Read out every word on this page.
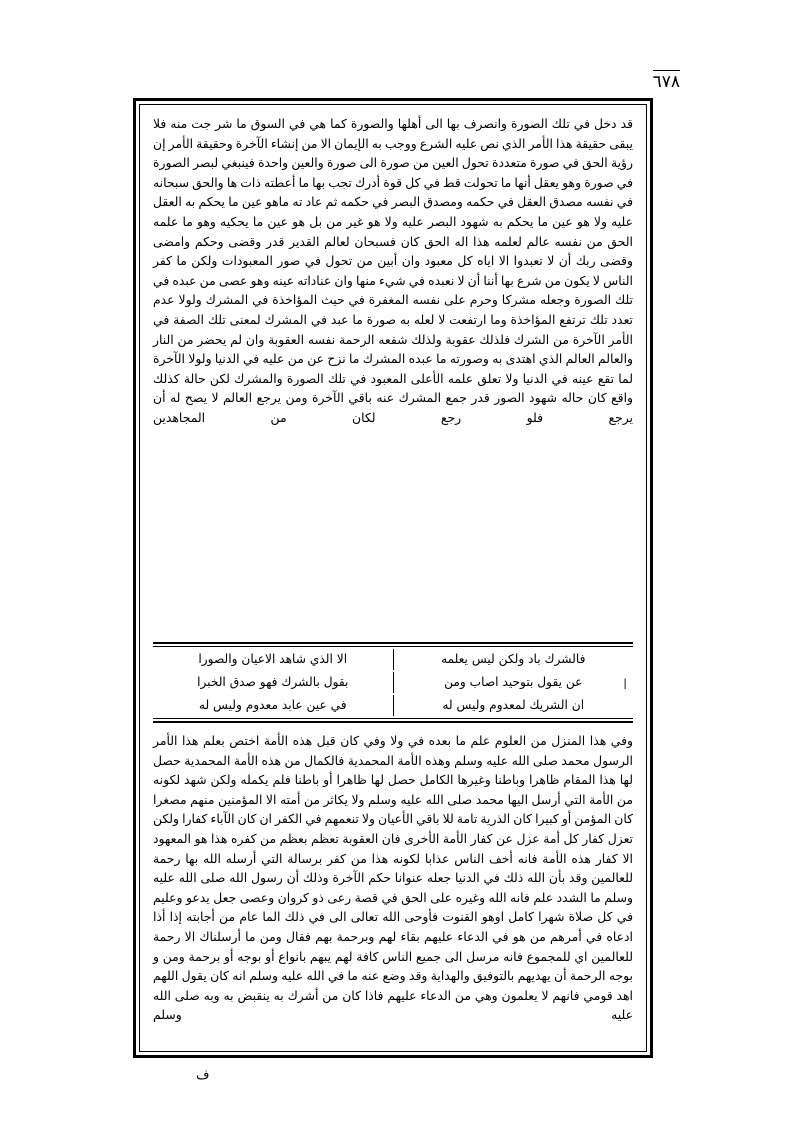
٦٧٨

قد دخل في تلك الصورة وانصرف بها الى أهلها والصورة كما هي في السوق ما شر جت منه فلا يبقى حقيقة هذا الأمر الذي نص عليه الشرع ووجب به الإيمان الا من إنشاء الآخرة وحقيقة الأمر إن رؤية الحق في صورة متعددة تحول العين من صورة الى صورة والعين واحدة فينبغي لبصر الصورة في صورة وهو يعقل أنها ما تحولت قط في كل قوة أدرك تجب بها ما أعطته ذات ها والحق سبحانه في نفسه مصدق العقل في حكمه ومصدق البصر في حكمه ثم عاد ته ماهو عين ما يحكم به العقل عليه ولا هو عين ما يحكم به شهود البصر عليه ولا هو غير من بل هو عين ما يحكيه وهو ما علمه الحق من نفسه عالم لعلمه هذا اله الحق كان فسبحان لعالم القدير قدر وقضى وحكم وامضى وقضى ربك أن لا تعبدوا الا اياه كل معبود وان أبين من تحول في صور المعبودات ولكن ما كفر الناس لا يكون من شرع بها أننا أن لا نعبده في شيء منها وان عناداته عينه وهو عصى من عبده في تلك الصورة وجعله مشركا وحرم على نفسه المغفرة في حيث المؤاخذة في المشرك ولولا عدم تعدد تلك ترتفع المؤاخذة وما ارتفعت لا لعله به صورة ما عبد في المشرك لمعنى تلك الصفة في الأمر الآخرة من الشرك فلذلك عقوبة ولذلك شفعه الرحمة نفسه العقوبة وان لم يحضر من النار والعالم العالم الذي اهتدى به وصورته ما عبده المشرك ما نزح عن من عليه في الدنيا ولولا الآخرة لما تقع عينه في الدنيا ولا تعلق علمه الأعلى المعبود في تلك الصورة والمشرك لكن حالة كذلك واقع كان حاله شهود الصور قدر جمع المشرك عنه باقي الآخرة ومن يرجع العالم لا يصح له أن يرجع فلو رجع لكان من المجاهدين

|
فالشرك باد ولكن ليس يعلمه
الا الذي شاهد الاعيان والصورا
عن يقول بتوحيد اصاب ومن
بقول بالشرك فهو صدق الخبرا
ان الشريك لمعدوم وليس له
في عين عابد معدوم وليس له

وفي هذا المنزل من العلوم علم ما بعده في ولا وفي كان قبل هذه الأمة اختص بعلم هذا الأمر الرسول محمد صلى الله عليه وسلم وهذه الأمة المحمدية فالكمال من هذه الأمة المحمدية حصل لها هذا المقام ظاهرا وباطنا وغيرها الكامل حصل لها ظاهرا أو باطنا فلم يكمله ولكن شهد لكونه من الأمة التي أرسل اليها محمد صلى الله عليه وسلم ولا يكاثر من أمته الا المؤمنين منهم مصغرا كان المؤمن أو كبيرا كان الذرية تامة للا باقي الأعيان ولا تنعمهم في الكفر ان كان الآباء كفارا ولكن تعزل كفار كل أمة عزل عن كفار الأمة الأخرى فان العقوبة تعظم بعظم من كفره هذا هو المعهود الا كفار هذه الأمة فانه أخف الناس عذابا لكونه هذا من كفر برسالة التي أرسله الله بها رحمة للعالمين وقد بأن الله ذلك في الدنيا جعله عنوانا حكم الآخرة وذلك أن رسول الله صلى الله عليه وسلم ما الشدد علم فانه الله وغيره على الحق في قصة رعى ذو كروان وعصى جعل يدعو وعليم في كل صلاة شهرا كامل اوهو القنوت فأوحى الله تعالى الى في ذلك الما عام من أجابته إذا أذا ادعاه في أمرهم من هو في الدعاء عليهم بقاء لهم وبرحمة بهم فقال ومن ما أرسلناك الا رحمة للعالمين اي للمجموع فانه مرسل الى جميع الناس كافة لهم يبهم بانواع أو بوجه أو برحمة ومن و بوجه الرحمة أن يهديهم بالتوفيق والهداية وقد وضع عنه ما في الله عليه وسلم انه كان يقول اللهم اهد قومي فانهم لا يعلمون وهي من الدعاء عليهم فاذا كان من أشرك به ينقبض به وبه صلى الله عليه وسلم

ف
